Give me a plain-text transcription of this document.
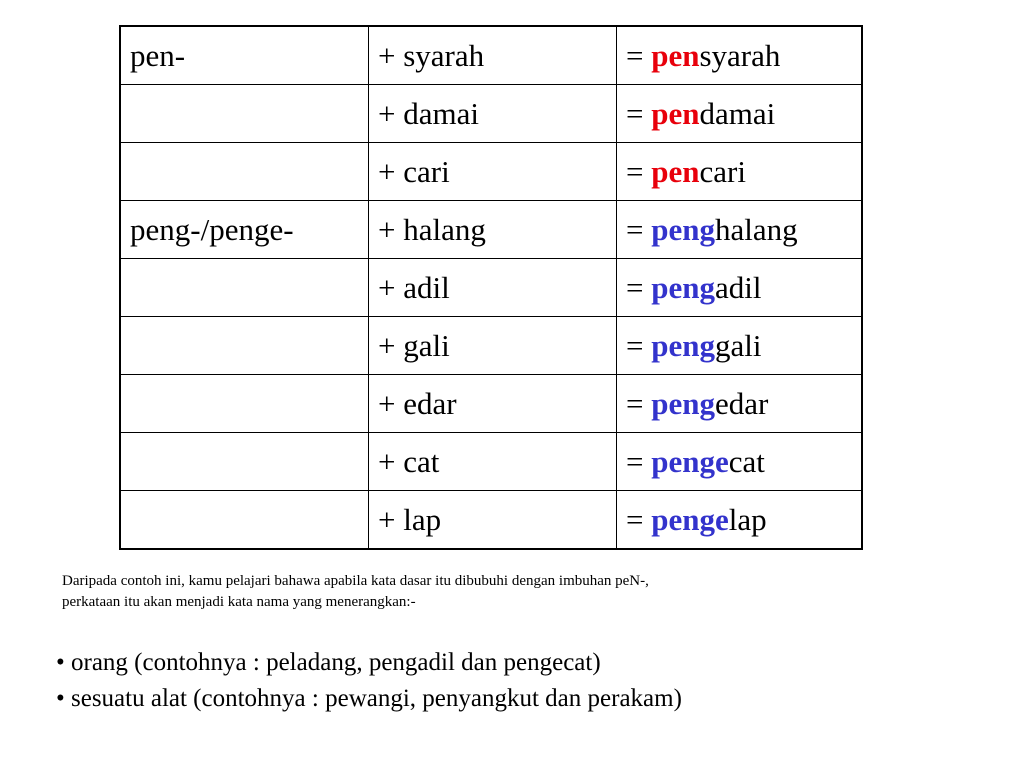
pen-	+ syarah	= pensyarah
	+ damai	= pendamai
	+ cari	= pencari
peng-/penge-	+ halang	= penghalang
	+ adil	= pengadil
	+ gali	= penggali
	+ edar	= pengedar
	+ cat	= pengecat
	+ lap	= pengelap
Daripada contoh ini, kamu pelajari bahawa apabila kata dasar itu dibubuhi dengan imbuhan peN-,
perkataan itu akan menjadi kata nama yang menerangkan:-
• orang (contohnya : peladang, pengadil dan pengecat)
• sesuatu alat (contohnya : pewangi, penyangkut dan perakam)
